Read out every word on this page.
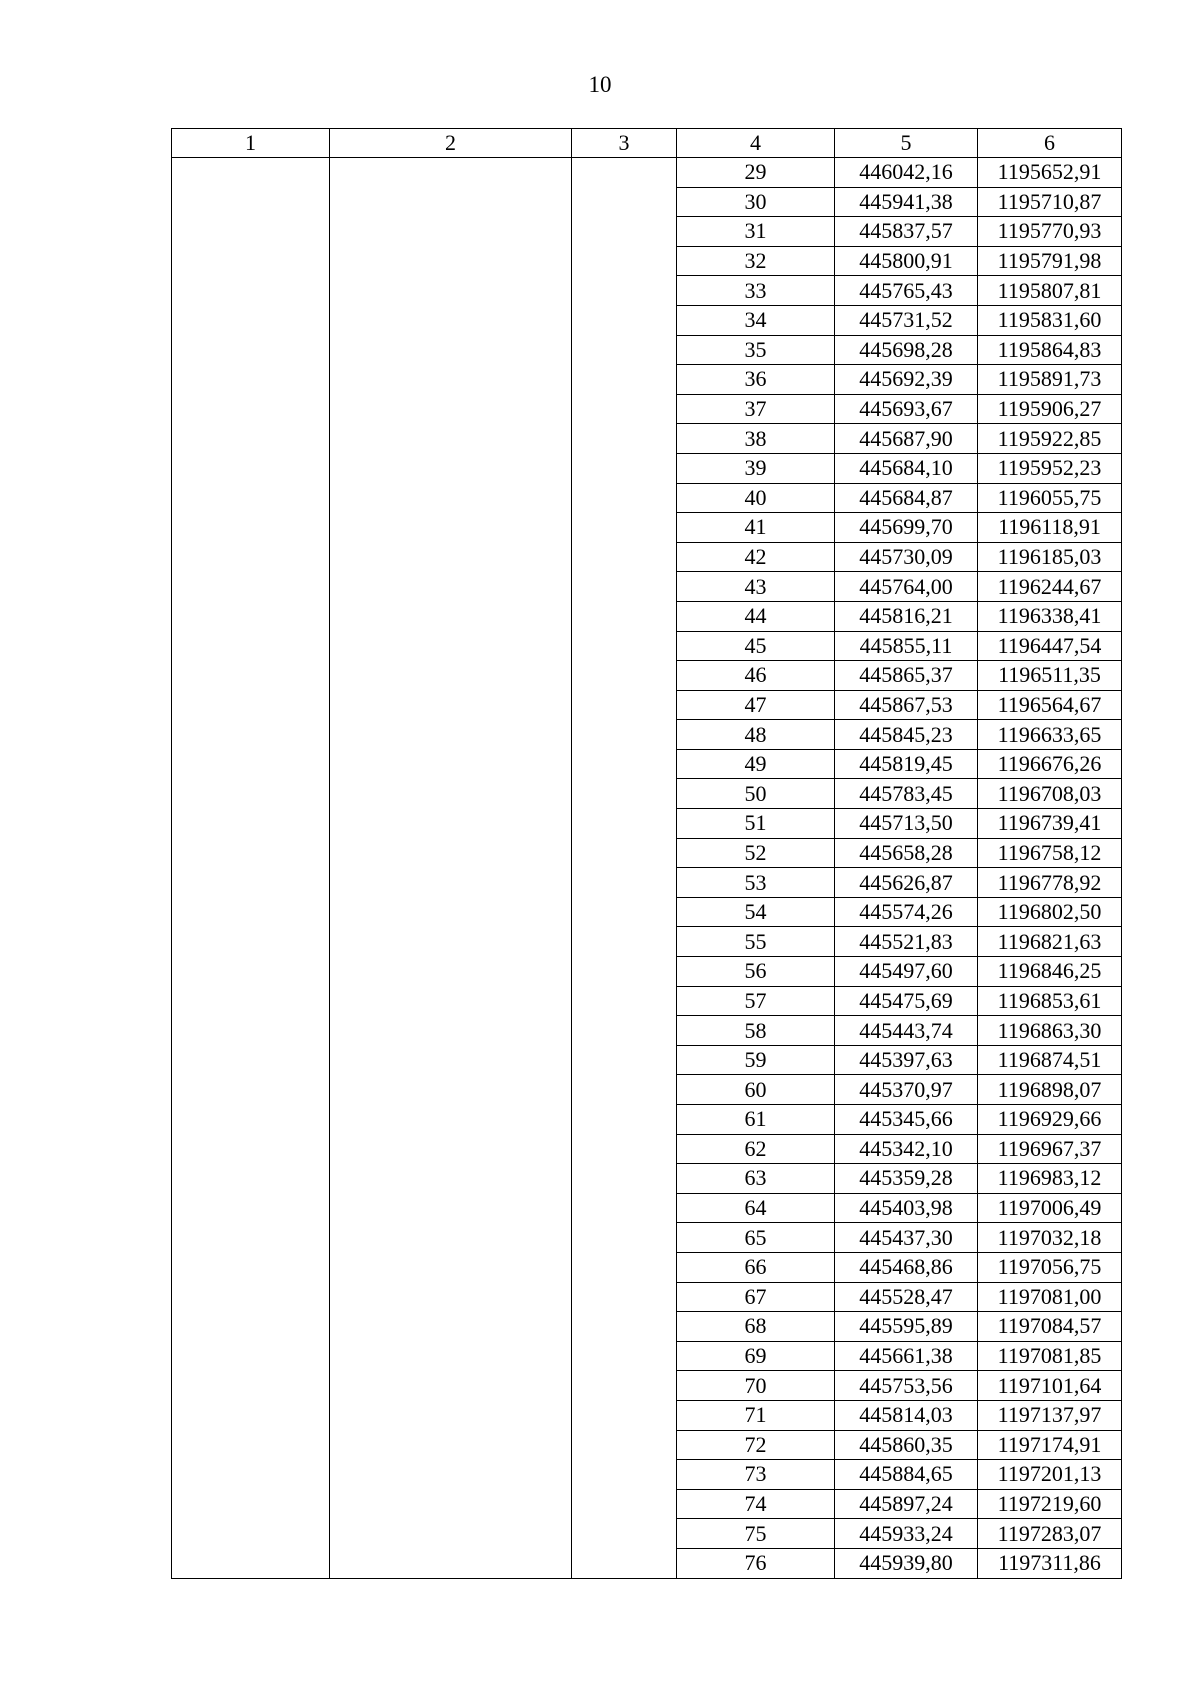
10
1	2	3	4	5	6
			29	446042,16	1195652,91
			30	445941,38	1195710,87
			31	445837,57	1195770,93
			32	445800,91	1195791,98
			33	445765,43	1195807,81
			34	445731,52	1195831,60
			35	445698,28	1195864,83
			36	445692,39	1195891,73
			37	445693,67	1195906,27
			38	445687,90	1195922,85
			39	445684,10	1195952,23
			40	445684,87	1196055,75
			41	445699,70	1196118,91
			42	445730,09	1196185,03
			43	445764,00	1196244,67
			44	445816,21	1196338,41
			45	445855,11	1196447,54
			46	445865,37	1196511,35
			47	445867,53	1196564,67
			48	445845,23	1196633,65
			49	445819,45	1196676,26
			50	445783,45	1196708,03
			51	445713,50	1196739,41
			52	445658,28	1196758,12
			53	445626,87	1196778,92
			54	445574,26	1196802,50
			55	445521,83	1196821,63
			56	445497,60	1196846,25
			57	445475,69	1196853,61
			58	445443,74	1196863,30
			59	445397,63	1196874,51
			60	445370,97	1196898,07
			61	445345,66	1196929,66
			62	445342,10	1196967,37
			63	445359,28	1196983,12
			64	445403,98	1197006,49
			65	445437,30	1197032,18
			66	445468,86	1197056,75
			67	445528,47	1197081,00
			68	445595,89	1197084,57
			69	445661,38	1197081,85
			70	445753,56	1197101,64
			71	445814,03	1197137,97
			72	445860,35	1197174,91
			73	445884,65	1197201,13
			74	445897,24	1197219,60
			75	445933,24	1197283,07
			76	445939,80	1197311,86
